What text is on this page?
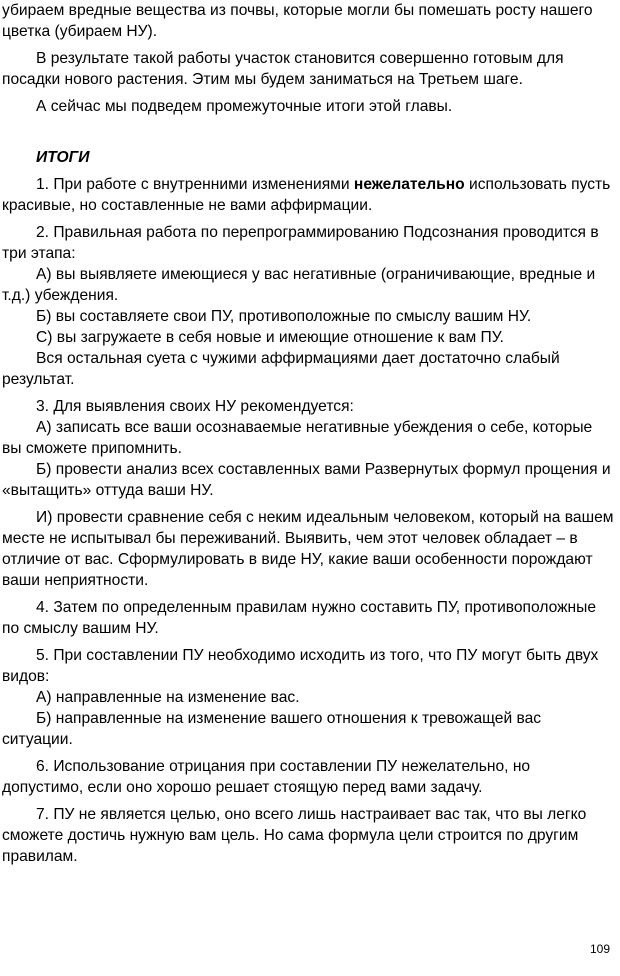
убираем вредные вещества из почвы, которые могли бы помешать росту нашего цветка (убираем НУ).

В результате такой работы участок становится совершенно готовым для посадки нового растения. Этим мы будем заниматься на Третьем шаге.

А сейчас мы подведем промежуточные итоги этой главы.

ИТОГИ

1. При работе с внутренними изменениями нежелательно использовать пусть красивые, но составленные не вами аффирмации.

2. Правильная работа по перепрограммированию Подсознания проводится в три этапа:

А) вы выявляете имеющиеся у вас негативные (ограничивающие, вредные и т.д.) убеждения.

Б) вы составляете свои ПУ, противоположные по смыслу вашим НУ.

С) вы загружаете в себя новые и имеющие отношение к вам ПУ.

Вся остальная суета с чужими аффирмациями дает достаточно слабый результат.

3. Для выявления своих НУ рекомендуется:

А) записать все ваши осознаваемые негативные убеждения о себе, которые вы сможете припомнить.

Б) провести анализ всех составленных вами Развернутых формул прощения и «вытащить» оттуда ваши НУ.

И) провести сравнение себя с неким идеальным человеком, который на вашем месте не испытывал бы переживаний. Выявить, чем этот человек обладает – в отличие от вас. Сформулировать в виде НУ, какие ваши особенности порождают ваши неприятности.

4. Затем по определенным правилам нужно составить ПУ, противоположные по смыслу вашим НУ.

5. При составлении ПУ необходимо исходить из того, что ПУ могут быть двух видов:

А) направленные на изменение вас.

Б) направленные на изменение вашего отношения к тревожащей вас ситуации.

6. Использование отрицания при составлении ПУ нежелательно, но допустимо, если оно хорошо решает стоящую перед вами задачу.

7. ПУ не является целью, оно всего лишь настраивает вас так, что вы легко сможете достичь нужную вам цель. Но сама формула цели строится по другим правилам.

109
